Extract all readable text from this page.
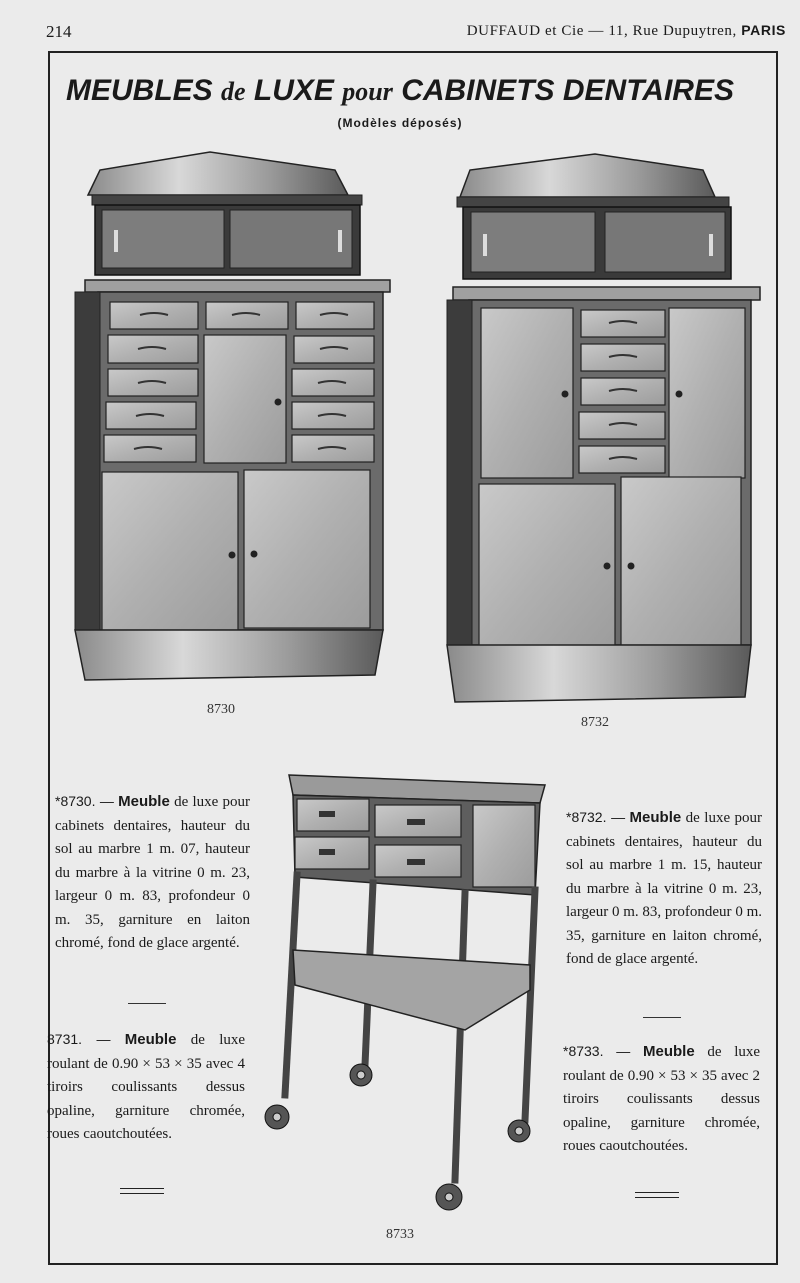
214	DUFFAUD et Cie — 11, Rue Dupuytren, PARIS
MEUBLES de LUXE pour CABINETS DENTAIRES
(Modèles déposés)
8730
8732
8733
*8730. — Meuble de luxe pour cabinets dentaires, hauteur du sol au marbre 1 m. 07, hauteur du marbre à la vitrine 0 m. 23, largeur 0 m. 83, profondeur 0 m. 35, garniture en laiton chromé, fond de glace argenté.
8731. — Meuble de luxe roulant de 0.90 × 53 × 35 avec 4 tiroirs coulissants dessus opaline, garniture chromée, roues caoutchoutées.
*8732. — Meuble de luxe pour cabinets dentaires, hauteur du sol au marbre 1 m. 15, hauteur du marbre à la vitrine 0 m. 23, largeur 0 m. 83, profondeur 0 m. 35, garniture en laiton chromé, fond de glace argenté.
*8733. — Meuble de luxe roulant de 0.90 × 53 × 35 avec 2 tiroirs coulissants dessus opaline, garniture chromée, roues caoutchoutées.
